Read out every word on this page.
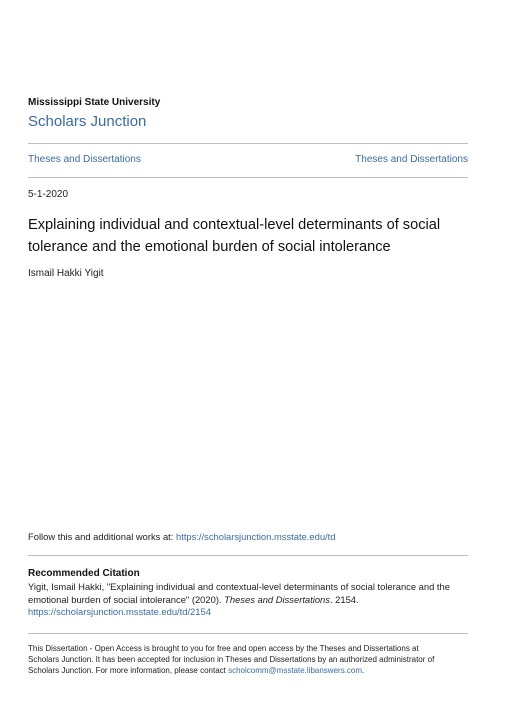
Mississippi State University
Scholars Junction
Theses and Dissertations	Theses and Dissertations
5-1-2020
Explaining individual and contextual-level determinants of social
tolerance and the emotional burden of social intolerance
Ismail Hakki Yigit
Follow this and additional works at: https://scholarsjunction.msstate.edu/td
Recommended Citation
Yigit, Ismail Hakki, "Explaining individual and contextual-level determinants of social tolerance and the
emotional burden of social intolerance" (2020). Theses and Dissertations. 2154.
https://scholarsjunction.msstate.edu/td/2154
This Dissertation - Open Access is brought to you for free and open access by the Theses and Dissertations at
Scholars Junction. It has been accepted for inclusion in Theses and Dissertations by an authorized administrator of
Scholars Junction. For more information, please contact scholcomm@msstate.libanswers.com.
